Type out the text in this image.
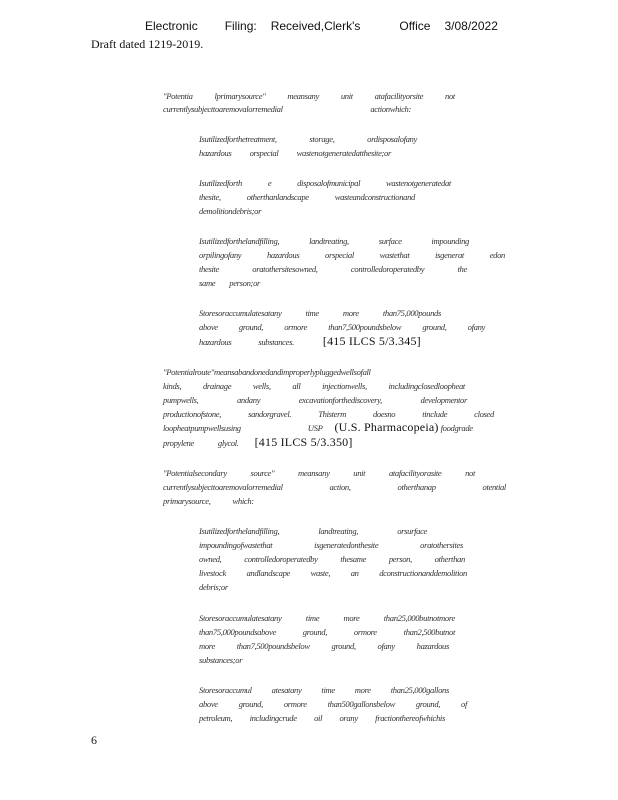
Electronic Filing: Received,Clerk's	Office 3/08/2022
Draft dated 1219-2019.
"Potentia	lprimarysource"	meansany	unit	atafacilityorsite	not
currentlysubjecttoaremovalorremedial	actionwhich:
Isutilizedforthetreatment,	storage,	ordisposalofany
hazardous orspecial wastenotgeneratedatthesite;or
Isutilizedforth	e	disposalofmunicipal	wastenotgeneratedat
thesite,	otherthanlandscape	wasteandconstructionand
demolitiondebris;or
Isutilizedforthelandfilling,	landtreating,	surface	impounding
orpilingofany	hazardous	orspecial	wastethat	isgenerat	edon
thesite	oratothersitesowned,	controlledoroperatedby	the
same person;or
Storesoraccumulatesatany	time	more	than75,000pounds
above ground, ormore than7,500poundsbelow ground, ofany
hazardous	substances. [415 ILCS 5/3.345]
"Pot entialroute" meansabandonedandimproperlypluggedwellsofall
kinds,	drainage	wells,	all	injectionwells,	includingclosedloopheat
pumpwells,	andany	excavationforthediscovery,	developmentor
productionofstone,	sandorgravel.	Thisterm	doesno	tinclude	closed
loopheatpumpwellsusing	USP (U.S. Pharmacopeia) foodgrade
propylene	glycol. [415 ILCS 5/3.350]
"Potentialsecondary	source"	meansany	unit	atafacilityorasite	not
currentlysubjecttoaremovalorremedial	action,	otherthanap	otential
primarysource,	which:
Isutilizedforthelandfilling,	landtreating,	orsurface
impoundingofwastethat	isgeneratedonthesite	oratothersites
owned,	controlledoroperatedby	thesame	person,	otherthan
livestock andlandscape waste, an dconstructionanddemolition
debris;or
Storesoraccumulatesatany	time	more	than25,000butnotmore
than75,000poundsabove	ground,	ormore	than2,500butnot
more	than7,500poundsbelow	ground,	ofany	hazardous
substances;or
Storesoraccumul atesatany time more than25,000gallons
above ground, ormore than500gallonsbelow ground, of
petroleum, includingcrude oil orany fractionthereofwhichis
6
